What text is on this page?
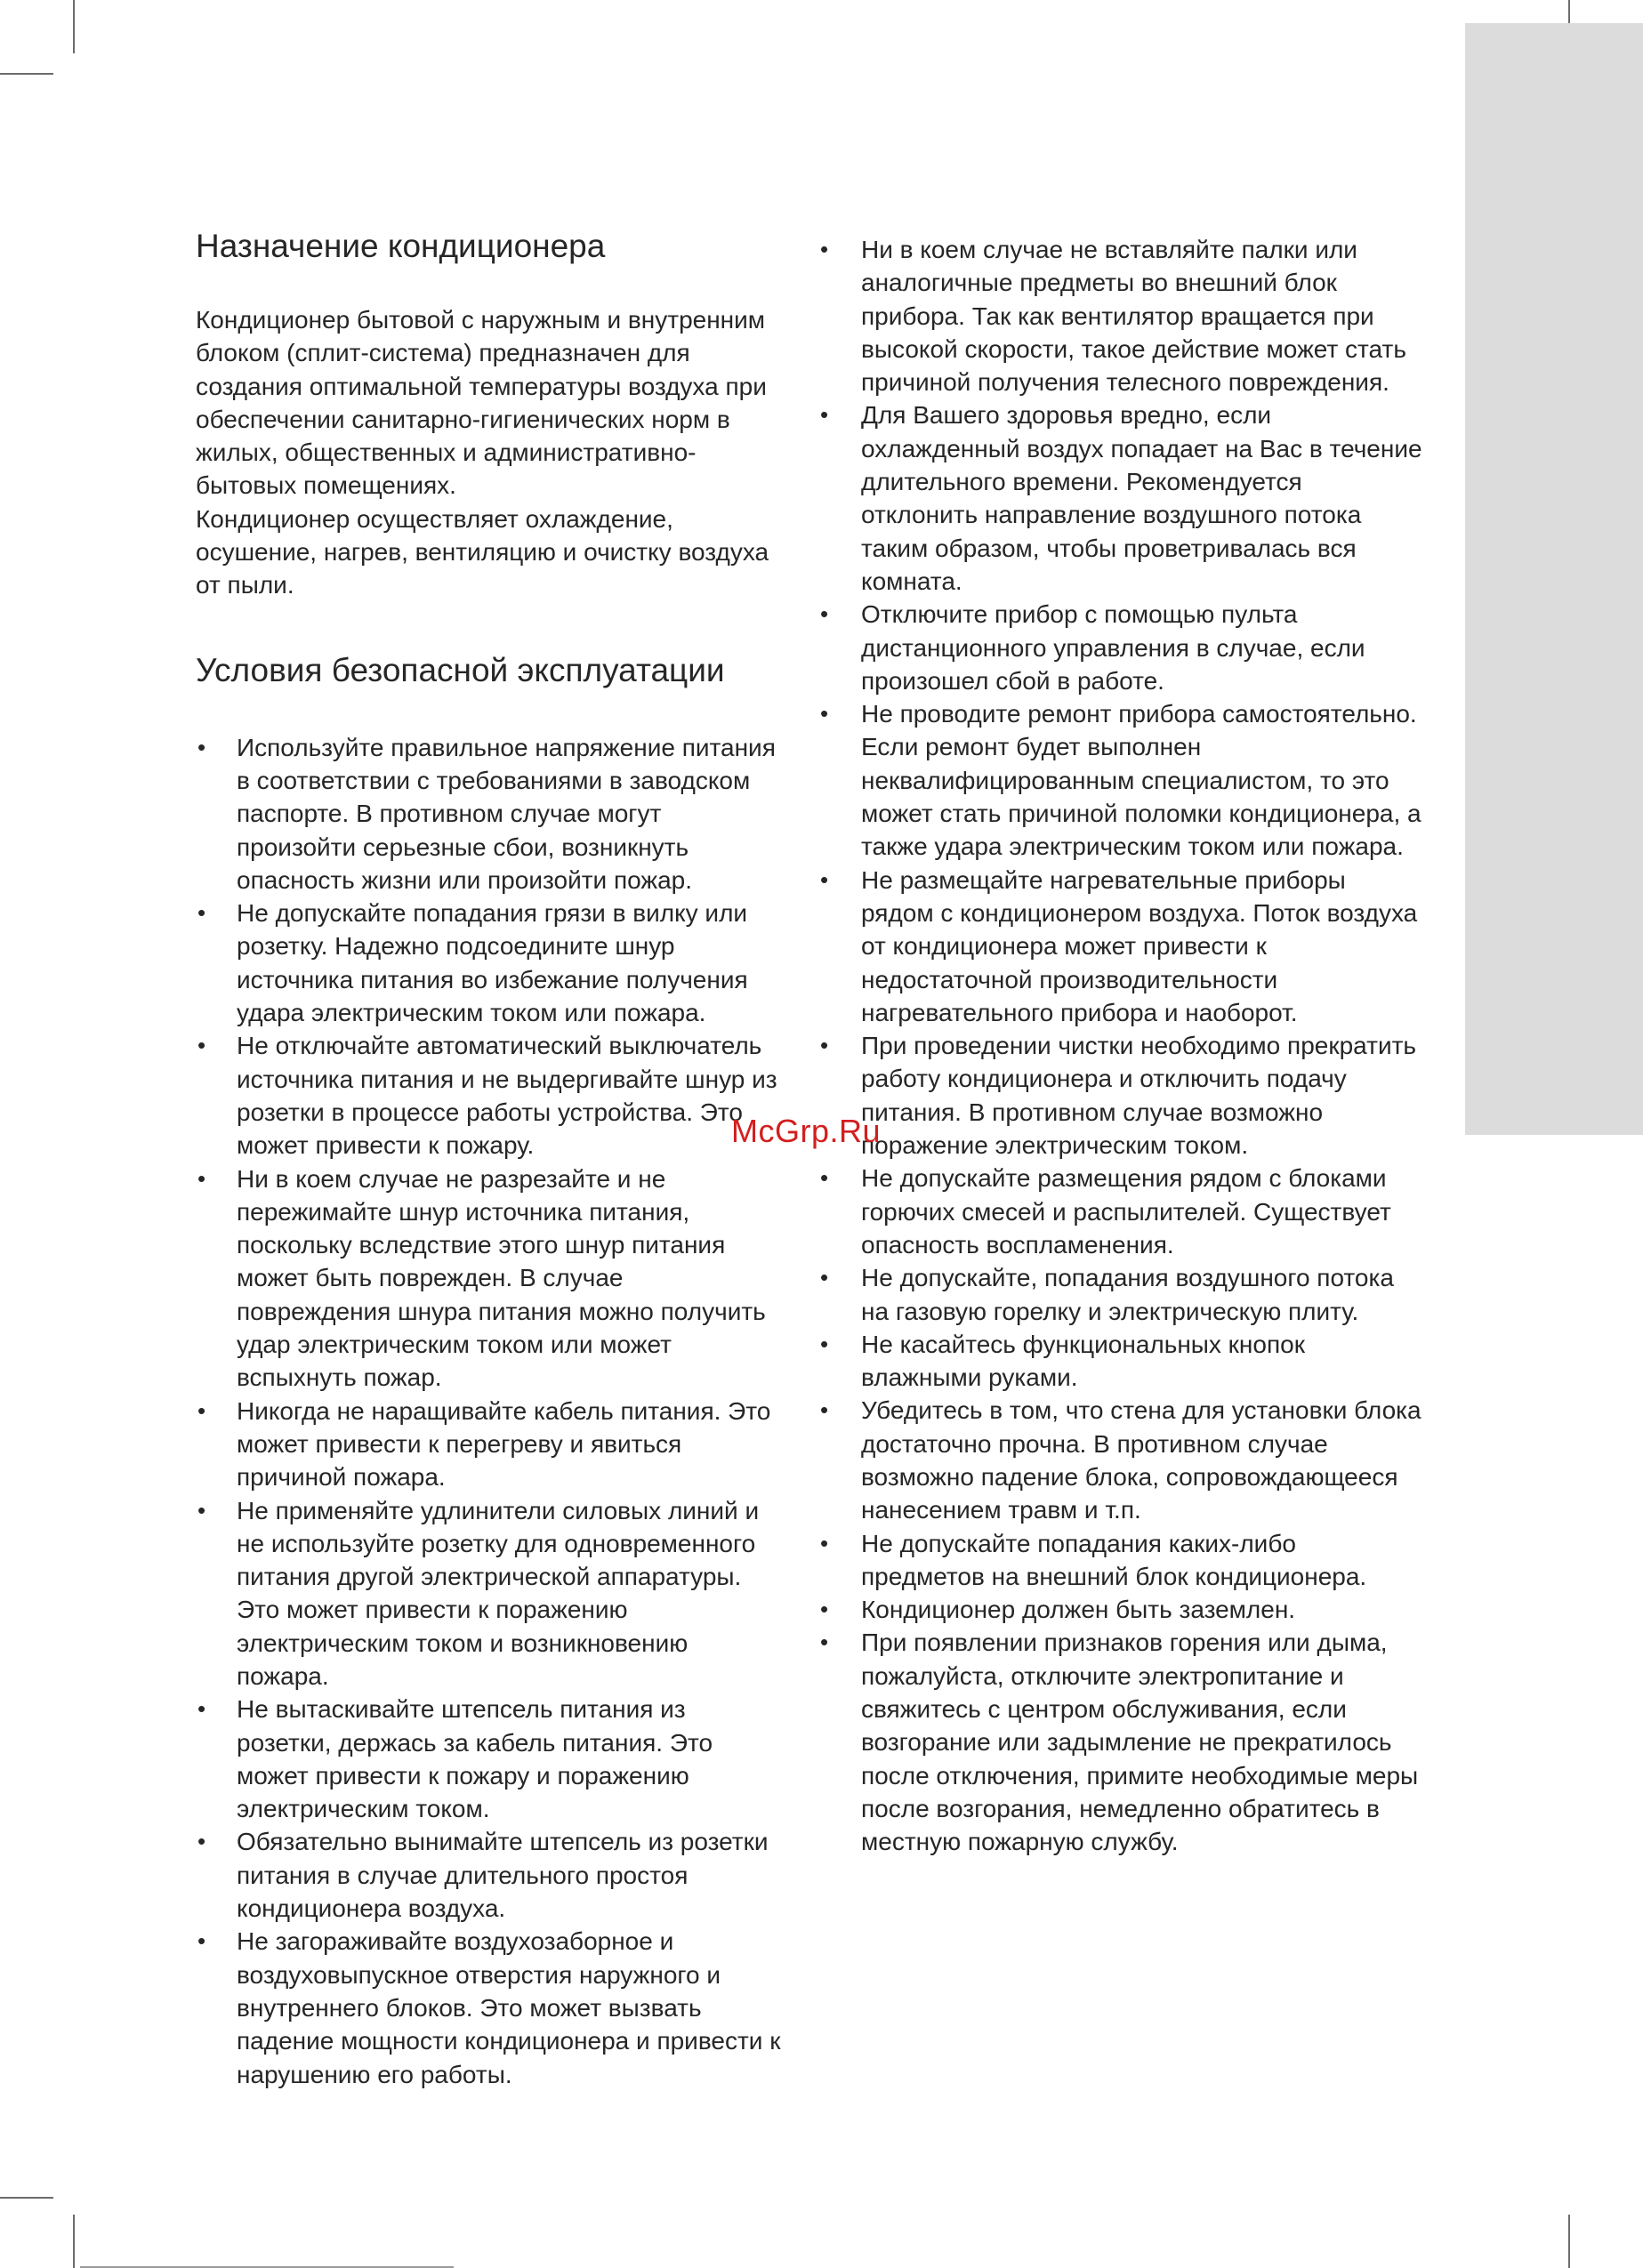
Назначение кондиционера

Кондиционер бытовой с наружным и внутренним блоком (сплит-система) предназначен для создания оптимальной температуры воздуха при обеспечении санитарно-гигиенических норм в жилых, общественных и административно-бытовых помещениях.

Кондиционер осуществляет охлаждение, осушение, нагрев, вентиляцию и очистку воздуха от пыли.

Условия безопасной эксплуатации
• Используйте правильное напряжение питания в соответствии с требованиями в заводском паспорте. В противном случае могут произойти серьезные сбои, возникнуть опасность жизни или произойти пожар.
• Не допускайте попадания грязи в вилку или розетку. Надежно подсоедините шнур источника питания во избежание получения удара электрическим током или пожара.
• Не отключайте автоматический выключатель источника питания и не выдергивайте шнур из розетки в процессе работы устройства. Это может привести к пожару.
• Ни в коем случае не разрезайте и не пережимайте шнур источника питания, поскольку вследствие этого шнур питания может быть поврежден. В случае повреждения шнура питания можно получить удар электрическим током или может вспыхнуть пожар.
• Никогда не наращивайте кабель питания. Это может привести к перегреву и явиться причиной пожара.
• Не применяйте удлинители силовых линий и не используйте розетку для одновременного питания другой электрической аппаратуры. Это может привести к поражению электрическим током и возникновению пожара.
• Не вытаскивайте штепсель питания из розетки, держась за кабель питания. Это может привести к пожару и поражению электрическим током.
• Обязательно вынимайте штепсель из розетки питания в случае длительного простоя кондиционера воздуха.
• Не загораживайте воздухозаборное и воздуховыпускное отверстия наружного и внутреннего блоков. Это может вызвать падение мощности кондиционера и привести к нарушению его работы.
• Ни в коем случае не вставляйте палки или аналогичные предметы во внешний блок прибора. Так как вентилятор вращается при высокой скорости, такое действие может стать причиной получения телесного повреждения.
• Для Вашего здоровья вредно, если охлажденный воздух попадает на Вас в течение длительного времени. Рекомендуется отклонить направление воздушного потока таким образом, чтобы проветривалась вся комната.
• Отключите прибор с помощью пульта дистанционного управления в случае, если произошел сбой в работе.
• Не проводите ремонт прибора самостоятельно. Если ремонт будет выполнен неквалифицированным специалистом, то это может стать причиной поломки кондиционера, а также удара электрическим током или пожара.
• Не размещайте нагревательные приборы рядом с кондиционером воздуха. Поток воздуха от кондиционера может привести к недостаточной производительности нагревательного прибора и наоборот.
• При проведении чистки необходимо прекратить работу кондиционера и отключить подачу питания. В противном случае возможно поражение электрическим током.
• Не допускайте размещения рядом с блоками горючих смесей и распылителей. Существует опасность воспламенения.
• Не допускайте, попадания воздушного потока на газовую горелку и электрическую плиту.
• Не касайтесь функциональных кнопок влажными руками.
• Убедитесь в том, что стена для установки блока достаточно прочна. В противном случае возможно падение блока, сопровождающееся нанесением травм и т.п.
• Не допускайте попадания каких-либо предметов на внешний блок кондиционера.
• Кондиционер должен быть заземлен.
• При появлении признаков горения или дыма, пожалуйста, отключите электропитание и свяжитесь с центром обслуживания, если возгорание или задымление не прекратилось после отключения, примите необходимые меры после возгорания, немедленно обратитесь в местную пожарную службу.
McGrp.Ru
